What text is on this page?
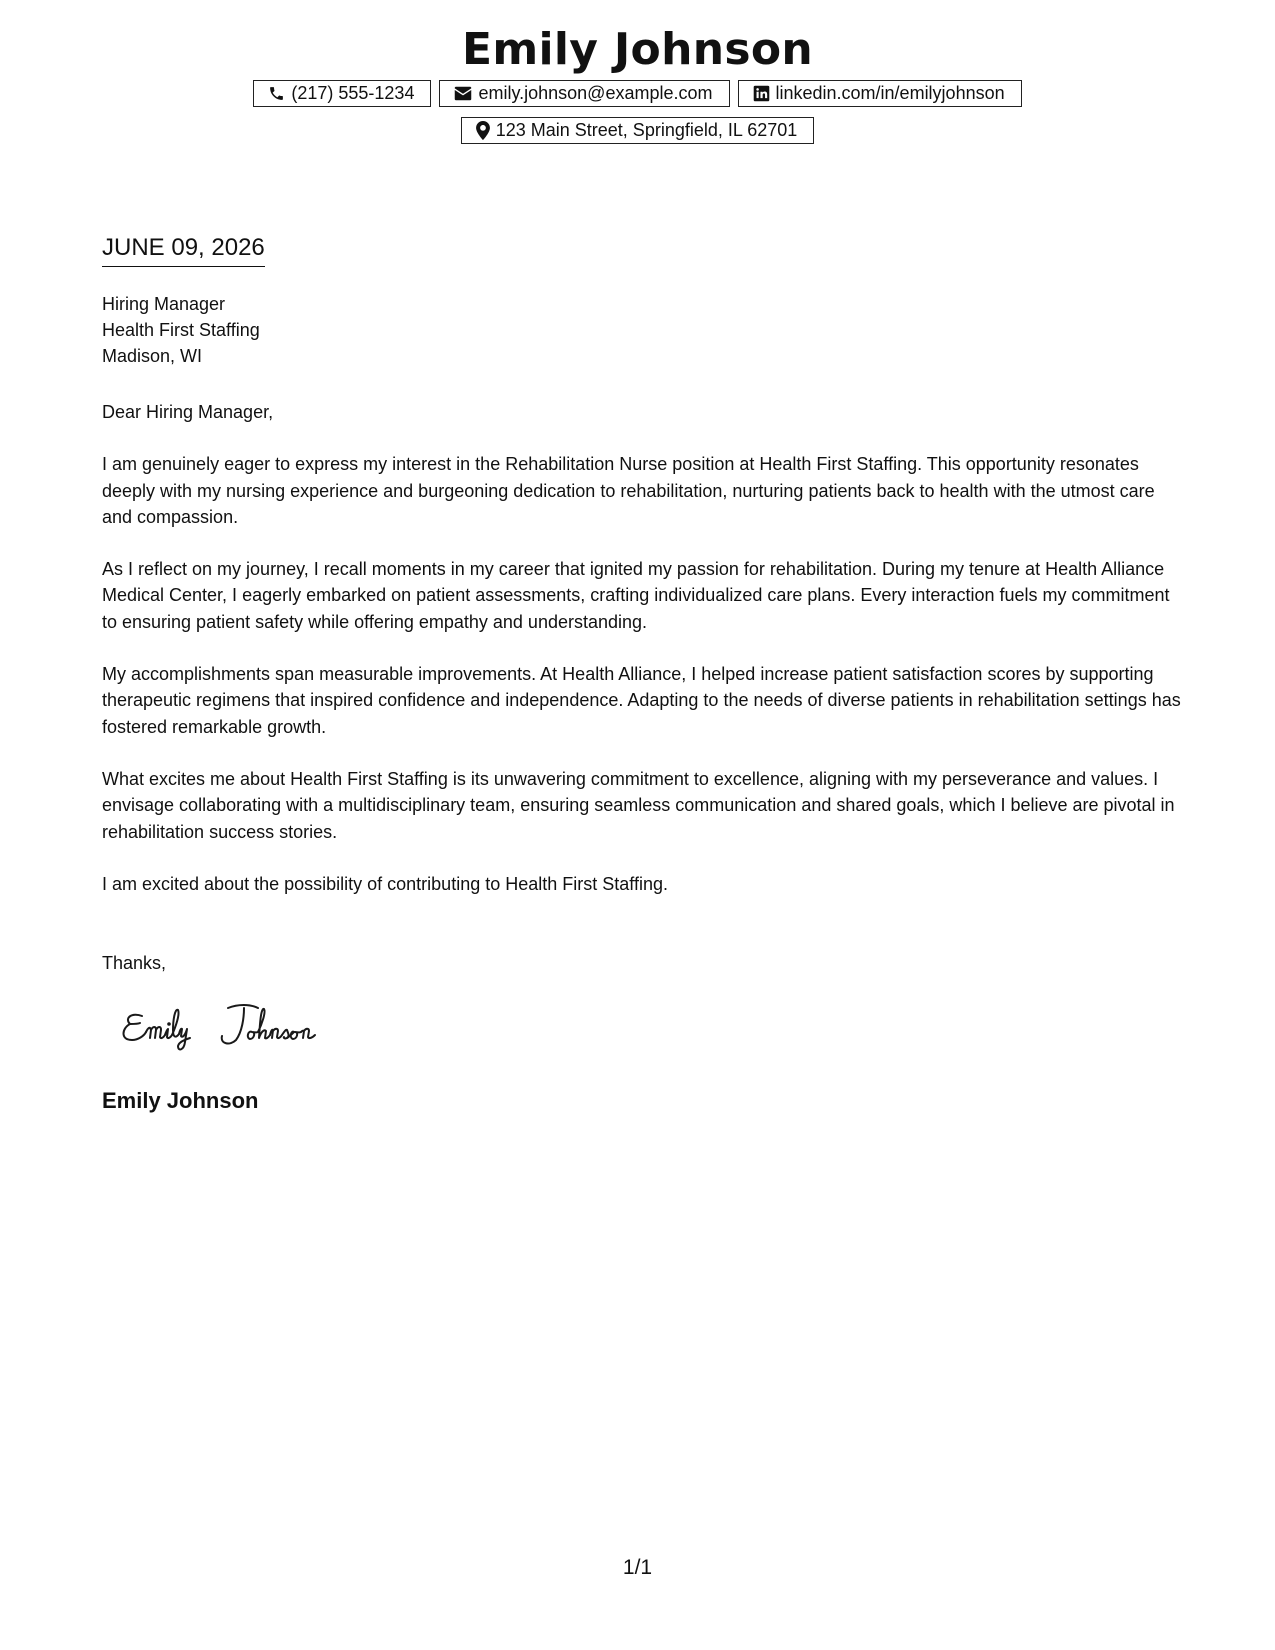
Emily Johnson
(217) 555-1234	emily.johnson@example.com	linkedin.com/in/emilyjohnson
123 Main Street, Springfield, IL 62701
JUNE 09, 2026
Hiring Manager
Health First Staffing
Madison, WI

Dear Hiring Manager,

I am genuinely eager to express my interest in the Rehabilitation Nurse position at Health First Staffing. This opportunity resonates deeply with my nursing experience and burgeoning dedication to rehabilitation, nurturing patients back to health with the utmost care and compassion.

As I reflect on my journey, I recall moments in my career that ignited my passion for rehabilitation. During my tenure at Health Alliance Medical Center, I eagerly embarked on patient assessments, crafting individualized care plans. Every interaction fuels my commitment to ensuring patient safety while offering empathy and understanding.

My accomplishments span measurable improvements. At Health Alliance, I helped increase patient satisfaction scores by supporting therapeutic regimens that inspired confidence and independence. Adapting to the needs of diverse patients in rehabilitation settings has fostered remarkable growth.

What excites me about Health First Staffing is its unwavering commitment to excellence, aligning with my perseverance and values. I envisage collaborating with a multidisciplinary team, ensuring seamless communication and shared goals, which I believe are pivotal in rehabilitation success stories.

I am excited about the possibility of contributing to Health First Staffing.

Thanks,
Emily Johnson
1/1
